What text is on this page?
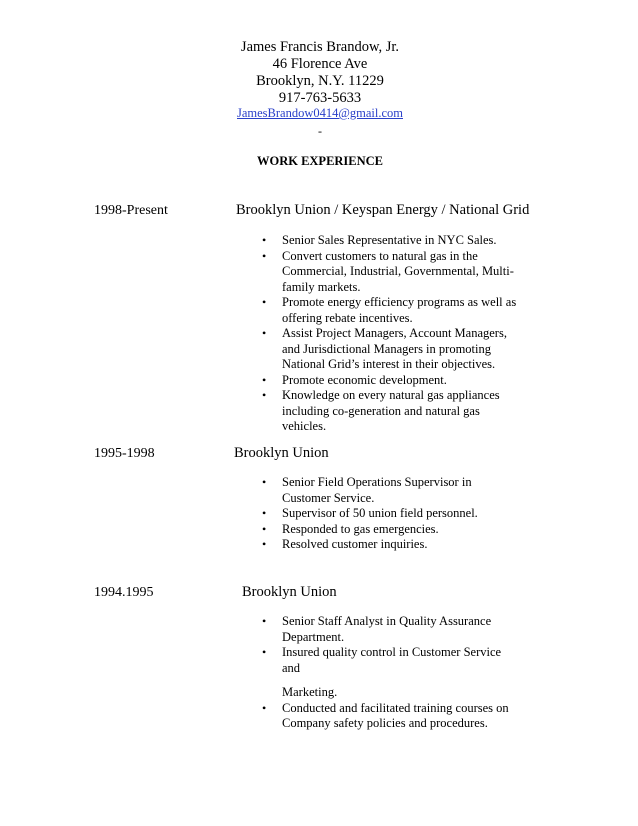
James Francis Brandow, Jr.
46 Florence Ave
Brooklyn, N.Y. 11229
917-763-5633
JamesBrandow0414@gmail.com
-
WORK EXPERIENCE
1998-Present	Brooklyn Union / Keyspan Energy / National Grid
• Senior Sales Representative in NYC Sales.
• Convert customers to natural gas in the Commercial, Industrial, Governmental, Multi-family markets.
• Promote energy efficiency programs as well as offering rebate incentives.
• Assist Project Managers, Account Managers, and Jurisdictional Managers in promoting National Grid’s interest in their objectives.
• Promote economic development.
• Knowledge on every natural gas appliances including co-generation and natural gas vehicles.
1995-1998	Brooklyn Union
• Senior Field Operations Supervisor in Customer Service.
• Supervisor of 50 union field personnel.
• Responded to gas emergencies.
• Resolved customer inquiries.
1994.1995	Brooklyn Union
• Senior Staff Analyst in Quality Assurance Department.
• Insured quality control in Customer Service and
Marketing.
• Conducted and facilitated training courses on Company safety policies and procedures.
